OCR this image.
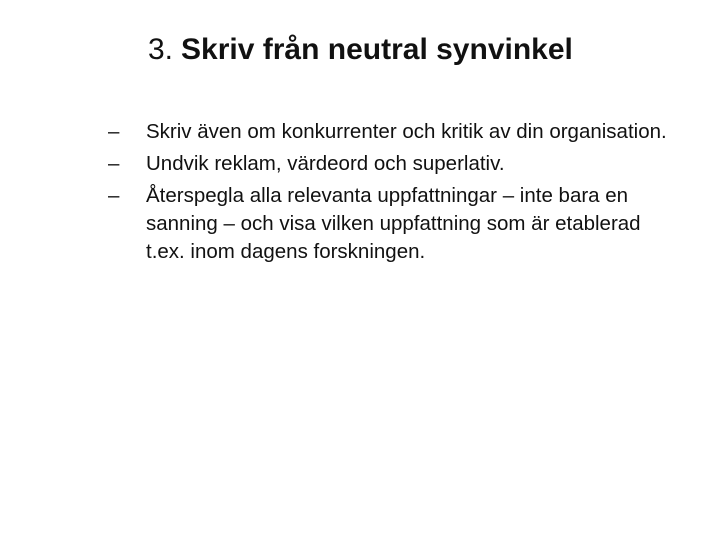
3. Skriv från neutral synvinkel
–	Skriv även om konkurrenter och kritik av din organisation.
–	Undvik reklam, värdeord och superlativ.
–	Återspegla alla relevanta uppfattningar – inte bara en sanning – och visa vilken uppfattning som är etablerad t.ex. inom dagens forskningen.
